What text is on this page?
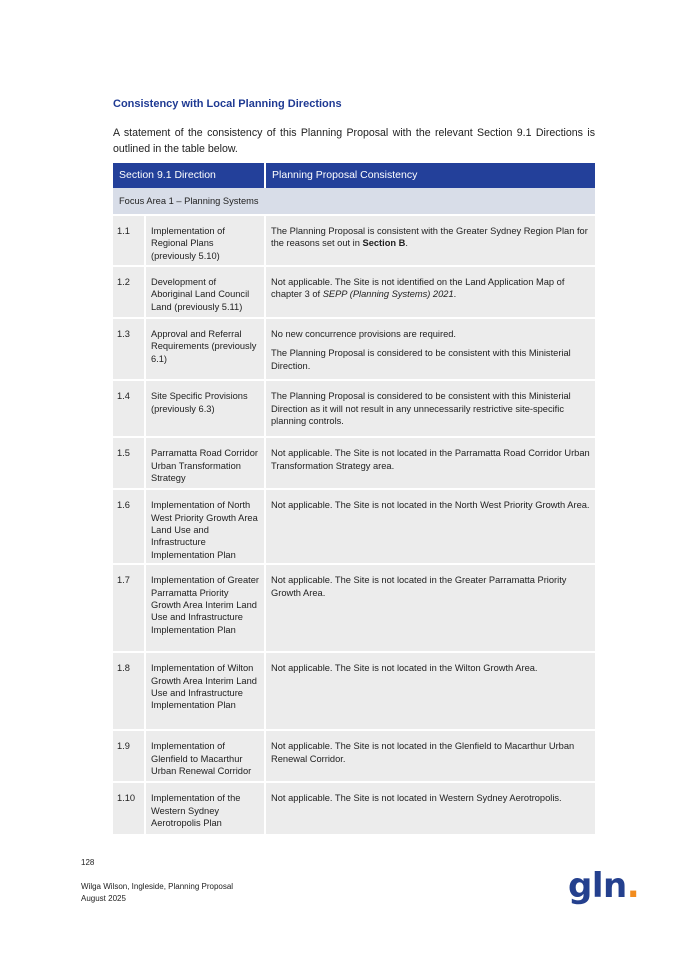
Consistency with Local Planning Directions
A statement of the consistency of this Planning Proposal with the relevant Section 9.1 Directions is outlined in the table below.
Section 9.1 Direction		Planning Proposal Consistency
Focus Area 1 – Planning Systems		
1.1	Implementation of Regional Plans (previously 5.10)	The Planning Proposal is consistent with the Greater Sydney Region Plan for the reasons set out in Section B.

1.2	Development of Aboriginal Land Council Land (previously 5.11)	Not applicable. The Site is not identified on the Land Application Map of chapter 3 of SEPP (Planning Systems) 2021.

1.3	Approval and Referral Requirements (previously 6.1)	No new concurrence provisions are required.

The Planning Proposal is considered to be consistent with this Ministerial Direction.

1.4	Site Specific Provisions (previously 6.3)	The Planning Proposal is considered to be consistent with this Ministerial Direction as it will not result in any unnecessarily restrictive site-specific planning controls.

1.5	Parramatta Road Corridor Urban Transformation Strategy	Not applicable. The Site is not located in the Parramatta Road Corridor Urban Transformation Strategy area.

1.6	Implementation of North West Priority Growth Area Land Use and Infrastructure Implementation Plan	Not applicable. The Site is not located in the North West Priority Growth Area.

1.7	Implementation of Greater Parramatta Priority Growth Area Interim Land Use and Infrastructure Implementation Plan	Not applicable. The Site is not located in the Greater Parramatta Priority Growth Area.

1.8	Implementation of Wilton Growth Area Interim Land Use and Infrastructure Implementation Plan	Not applicable. The Site is not located in the Wilton Growth Area.

1.9	Implementation of Glenfield to Macarthur Urban Renewal Corridor	Not applicable. The Site is not located in the Glenfield to Macarthur Urban Renewal Corridor.

1.10	Implementation of the Western Sydney Aerotropolis Plan	Not applicable. The Site is not located in Western Sydney Aerotropolis.

128
Wilga Wilson, Ingleside, Planning Proposal
August 2025	gln.
